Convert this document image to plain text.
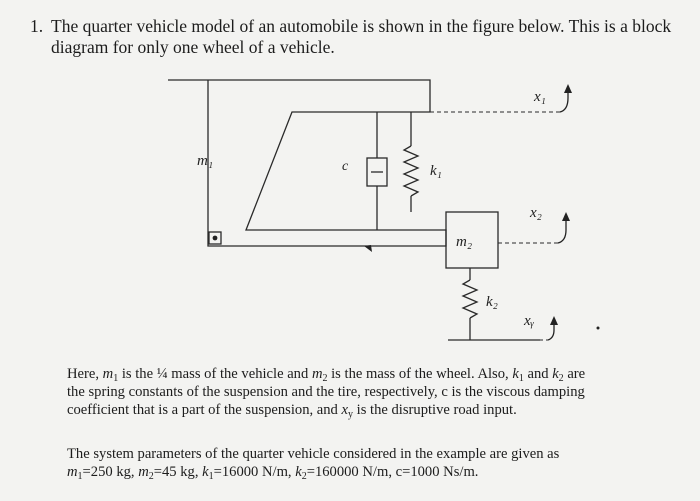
1. The quarter vehicle model of an automobile is shown in the figure below. This is a block
diagram for only one wheel of a vehicle.
m₁	c	k₁
m₂
k₂
x₁
x₂
xᵧ
Here, $m_1$ is the ¼ mass of the vehicle and $m_2$ is the mass of the wheel. Also, $k_1$ and $k_2$ are
the spring constants of the suspension and the tire, respectively, c is the viscous damping
coefficient that is a part of the suspension, and $x_y$ is the disruptive road input.
The system parameters of the quarter vehicle considered in the example are given as
$m_1=250$ kg, $m_2=45$ kg, $k_1=16000$ N/m, $k_2=160000$ N/m, c=1000 Ns/m.
